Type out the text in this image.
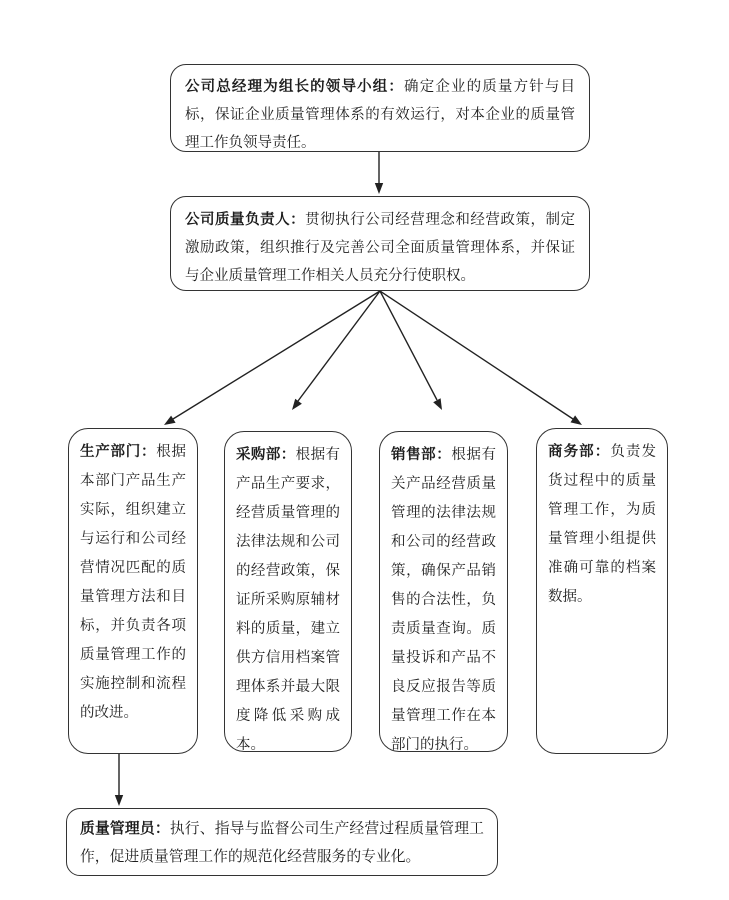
公司总经理为组长的领导小组：确定企业的质量方针与目标，保证企业质量管理体系的有效运行，对本企业的质量管理工作负领导责任。
公司质量负责人：贯彻执行公司经营理念和经营政策，制定激励政策，组织推行及完善公司全面质量管理体系，并保证与企业质量管理工作相关人员充分行使职权。
生产部门：根据本部门产品生产实际，组织建立与运行和公司经营情况匹配的质量管理方法和目标，并负责各项质量管理工作的实施控制和流程的改进。
采购部：根据有产品生产要求，经营质量管理的法律法规和公司的经营政策，保证所采购原辅材料的质量，建立供方信用档案管理体系并最大限度降低采购成本。
销售部：根据有关产品经营质量管理的法律法规和公司的经营政策，确保产品销售的合法性，负责质量查询。质量投诉和产品不良反应报告等质量管理工作在本部门的执行。
商务部：负责发货过程中的质量管理工作，为质量管理小组提供准确可靠的档案数据。
质量管理员：执行、指导与监督公司生产经营过程质量管理工作，促进质量管理工作的规范化经营服务的专业化。
